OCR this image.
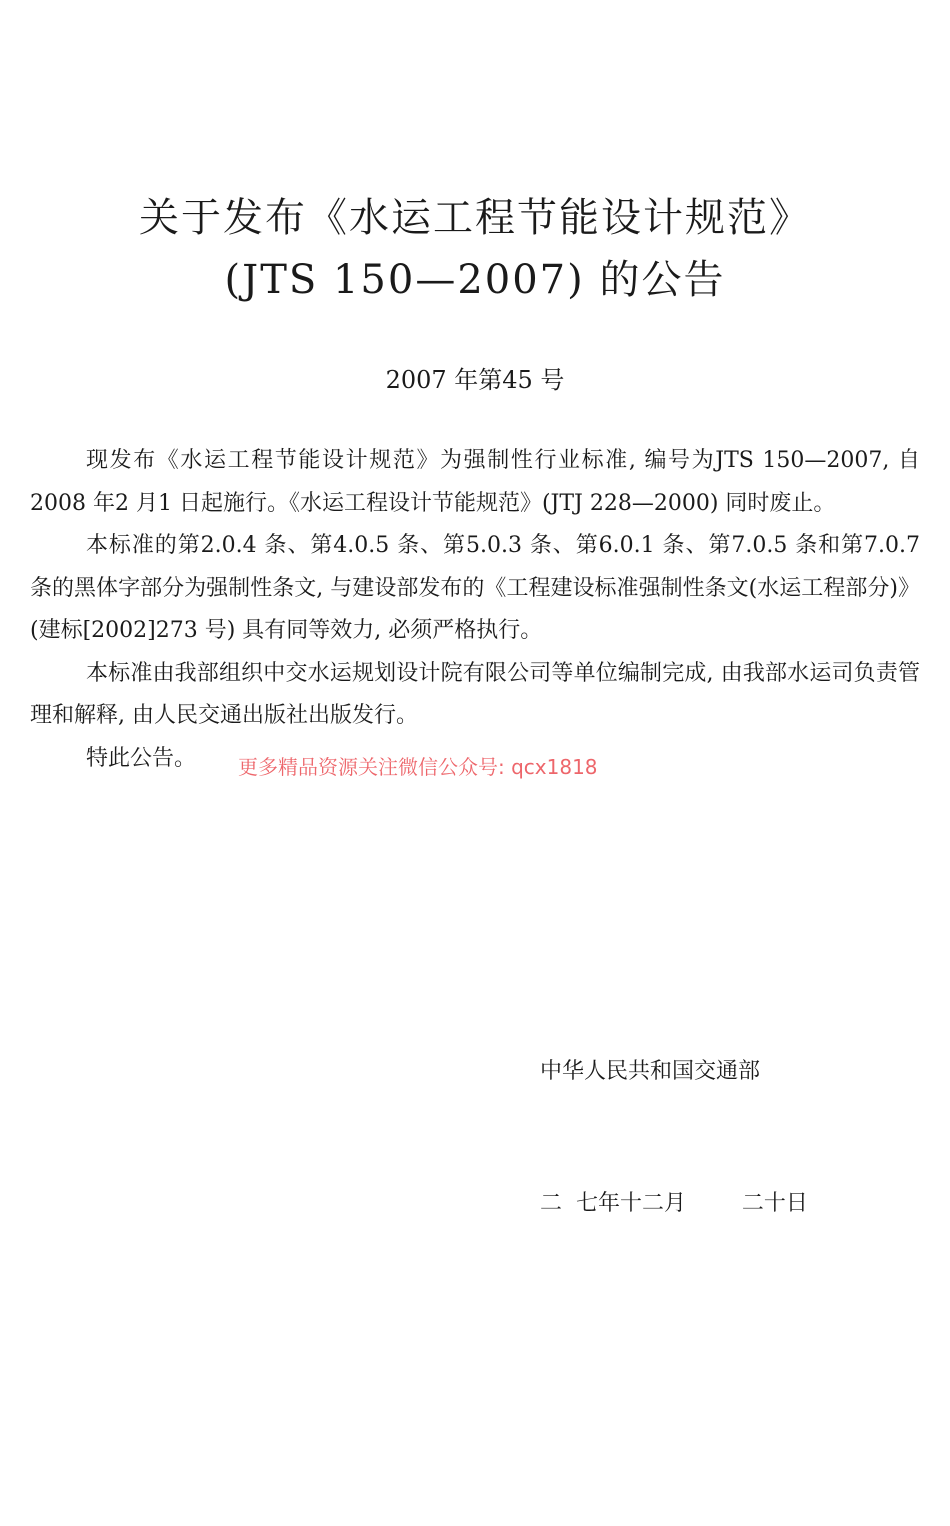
关于发布《水运工程节能设计规范》
(JTS 150—2007) 的公告
2007 年第45 号

现发布《水运工程节能设计规范》为强制性行业标准, 编号为JTS 150—2007, 自2008 年2 月1 日起施行。《水运工程设计节能规范》(JTJ 228—2000) 同时废止。

本标准的第2.0.4 条、第4.0.5 条、第5.0.3 条、第6.0.1 条、第7.0.5 条和第7.0.7 条的黑体字部分为强制性条文, 与建设部发布的《工程建设标准强制性条文(水运工程部分)》(建标[2002]273 号) 具有同等效力, 必须严格执行。

本标准由我部组织中交水运规划设计院有限公司等单位编制完成, 由我部水运司负责管理和解释, 由人民交通出版社出版发行。

特此公告。	更多精品资源关注微信公众号: qcx1818

中华人民共和国交通部

二  七年十二月        二十日
